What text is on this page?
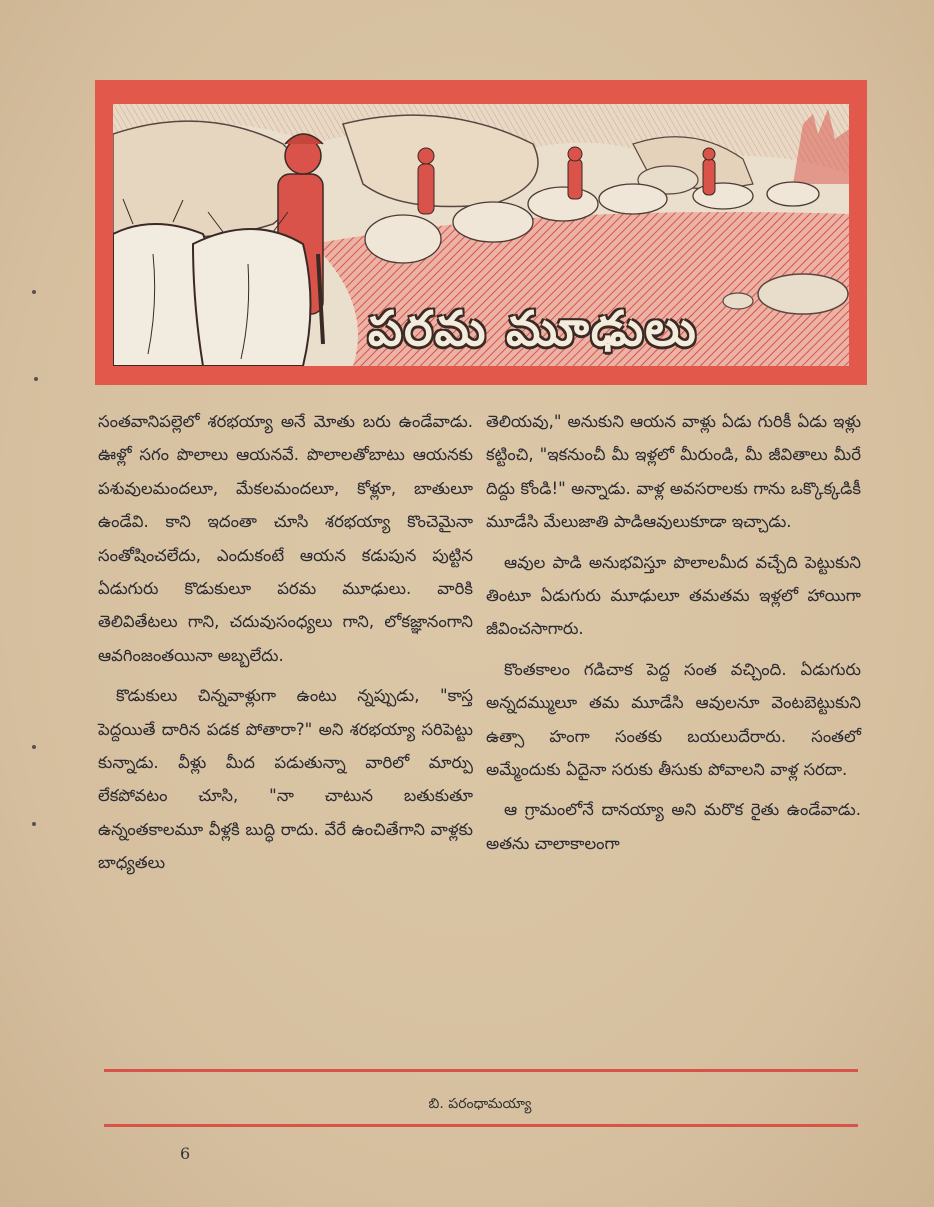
పరమ మూఢులు

సంతవానిపల్లెలో శరభయ్యా అనే మోతు బరు ఉండేవాడు. ఊళ్లో సగం పొలాలు ఆయనవే. పొలాలతోబాటు ఆయనకు పశువులమందలూ, మేకలమందలూ, కోళ్లూ, బాతులూ ఉండేవి. కాని ఇదంతా చూసి శరభయ్యా కొంచెమైనా సంతోషించలేదు, ఎందుకంటే ఆయన కడుపున పుట్టిన ఏడుగురు కొడుకులూ పరమ మూఢులు. వారికి తెలివితేటలు గాని, చదువుసంధ్యలు గాని, లోకజ్ఞానంగాని ఆవగింజంతయినా అబ్బలేదు.

కొడుకులు చిన్నవాళ్లుగా ఉంటు న్నప్పుడు, "కాస్త పెద్దయితే దారిన పడక పోతారా?" అని శరభయ్యా సరిపెట్టు కున్నాడు. వీళ్లు మీద పడుతున్నా వారిలో మార్పు లేకపోవటం చూసి, "నా చాటున బతుకుతూ ఉన్నంతకాలమూ వీళ్లకి బుద్ధి రాదు. వేరే ఉంచితేగాని వాళ్లకు బాధ్యతలు

తెలియవు," అనుకుని ఆయన వాళ్లు ఏడు గురికీ ఏడు ఇళ్లు కట్టించి, "ఇకనుంచీ మీ ఇళ్లలో మీరుండి, మీ జీవితాలు మీరే దిద్దు కోండి!" అన్నాడు. వాళ్ల అవసరాలకు గాను ఒక్కొక్కడికీ మూడేసి మేలుజాతి పాడిఆవులుకూడా ఇచ్చాడు.

ఆవుల పాడి అనుభవిస్తూ పొలాలమీద వచ్చేది పెట్టుకుని తింటూ ఏడుగురు మూఢులూ తమతమ ఇళ్లలో హాయిగా జీవించసాగారు.

కొంతకాలం గడిచాక పెద్ద సంత వచ్చింది. ఏడుగురు అన్నదమ్ములూ తమ మూడేసి ఆవులనూ వెంటబెట్టుకుని ఉత్సా హంగా సంతకు బయలుదేరారు. సంతలో అమ్మేందుకు ఏదైనా సరుకు తీసుకు పోవాలని వాళ్ల సరదా.

ఆ గ్రామంలోనే దానయ్యా అని మరొక రైతు ఉండేవాడు. అతను చాలాకాలంగా

బి. పరంధామయ్యా
6
